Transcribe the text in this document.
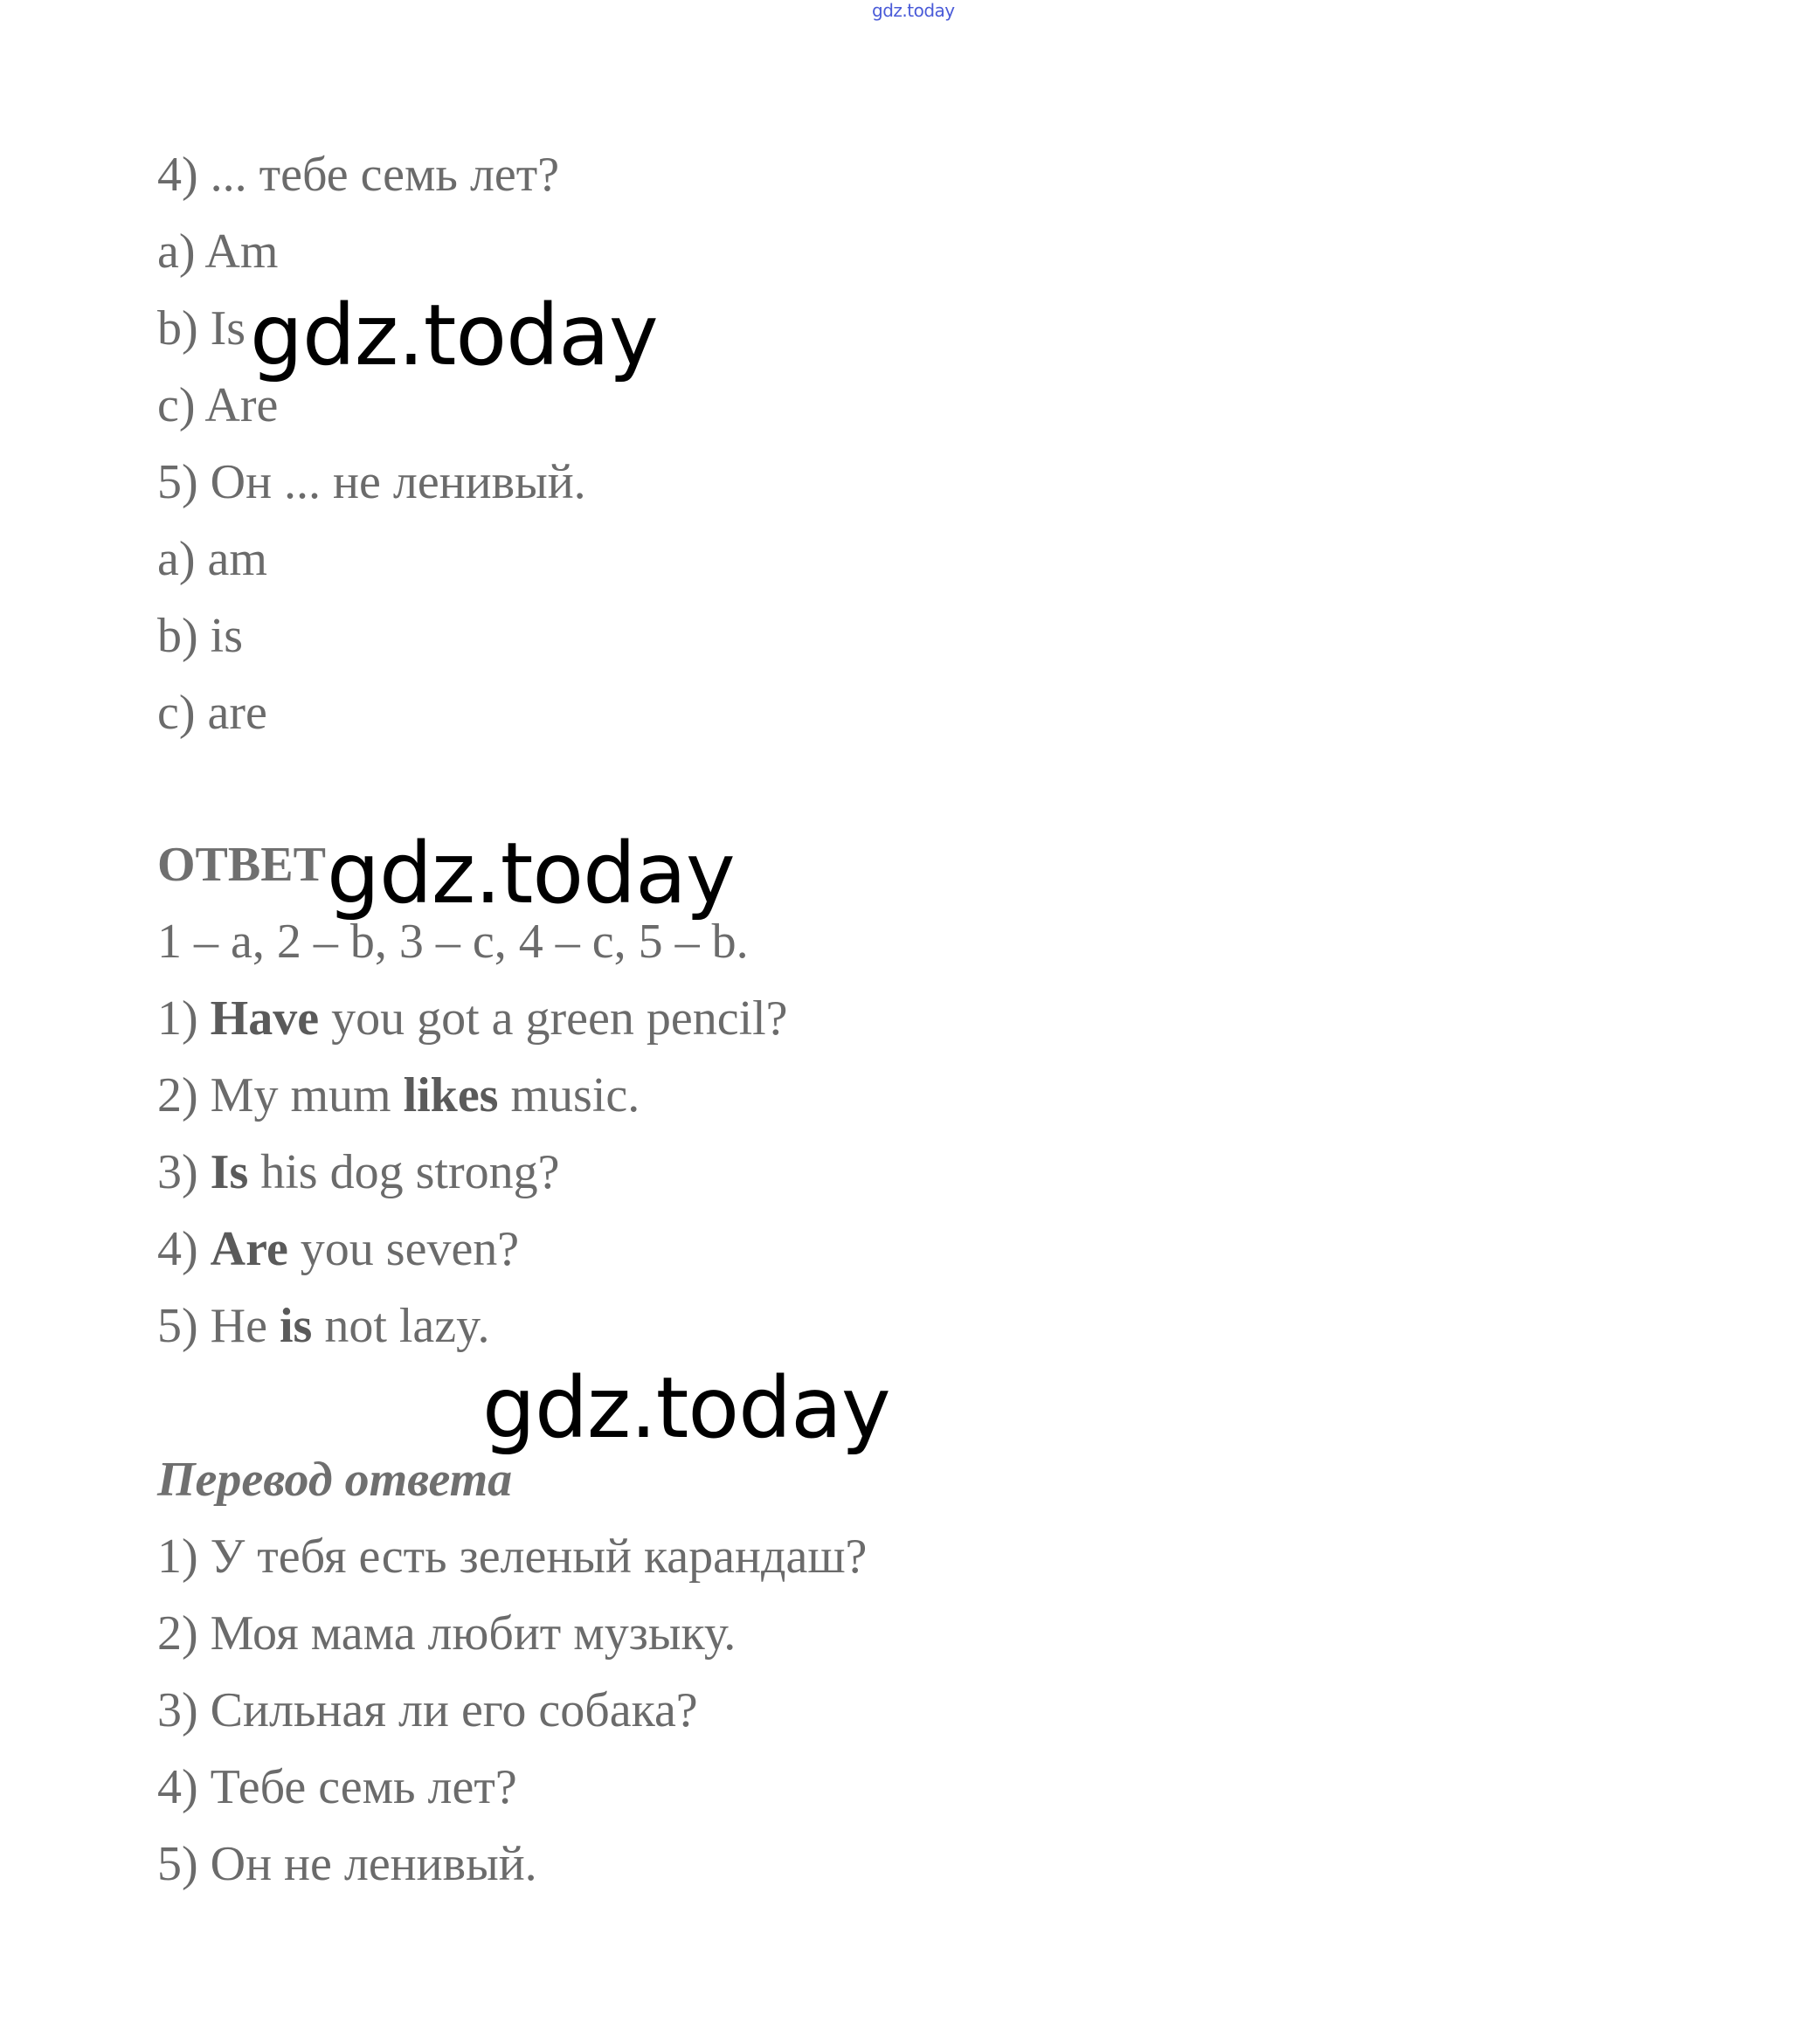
gdz.today
4) ... тебе семь лет?
a) Am
b) Is
c) Are
5) Он ... не ленивый.
a) am
b) is
c) are
ОТВЕТ
1 – a, 2 – b, 3 – c, 4 – c, 5 – b.
1) Have you got a green pencil?
2) My mum likes music.
3) Is his dog strong?
4) Are you seven?
5) He is not lazy.
Перевод ответа
1) У тебя есть зеленый карандаш?
2) Моя мама любит музыку.
3) Сильная ли его собака?
4) Тебе семь лет?
5) Он не ленивый.
gdz.today
gdz.today
gdz.today
